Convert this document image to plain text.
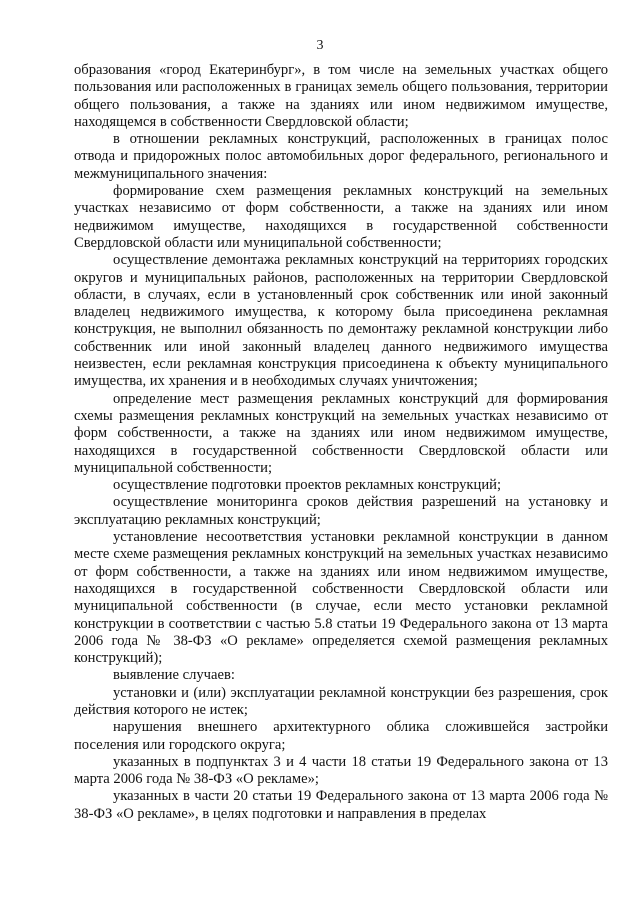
3

образования «город Екатеринбург», в том числе на земельных участках общего пользования или расположенных в границах земель общего пользования, территории общего пользования, а также на зданиях или ином недвижимом имуществе, находящемся в собственности Свердловской области;

в отношении рекламных конструкций, расположенных в границах полос отвода и придорожных полос автомобильных дорог федерального, регионального и межмуниципального значения:

формирование схем размещения рекламных конструкций на земельных участках независимо от форм собственности, а также на зданиях или ином недвижимом имуществе, находящихся в государственной собственности Свердловской области или муниципальной собственности;

осуществление демонтажа рекламных конструкций на территориях городских округов и муниципальных районов, расположенных на территории Свердловской области, в случаях, если в установленный срок собственник или иной законный владелец недвижимого имущества, к которому была присоединена рекламная конструкция, не выполнил обязанность по демонтажу рекламной конструкции либо собственник или иной законный владелец данного недвижимого имущества неизвестен, если рекламная конструкция присоединена к объекту муниципального имущества, их хранения и в необходимых случаях уничтожения;

определение мест размещения рекламных конструкций для формирования схемы размещения рекламных конструкций на земельных участках независимо от форм собственности, а также на зданиях или ином недвижимом имуществе, находящихся в государственной собственности Свердловской области или муниципальной собственности;

осуществление подготовки проектов рекламных конструкций;

осуществление мониторинга сроков действия разрешений на установку и эксплуатацию рекламных конструкций;

установление несоответствия установки рекламной конструкции в данном месте схеме размещения рекламных конструкций на земельных участках независимо от форм собственности, а также на зданиях или ином недвижимом имуществе, находящихся в государственной собственности Свердловской области или муниципальной собственности (в случае, если место установки рекламной конструкции в соответствии с частью 5.8 статьи 19 Федерального закона от 13 марта 2006 года № 38-ФЗ «О рекламе» определяется схемой размещения рекламных конструкций);

выявление случаев:

установки и (или) эксплуатации рекламной конструкции без разрешения, срок действия которого не истек;

нарушения внешнего архитектурного облика сложившейся застройки поселения или городского округа;

указанных в подпунктах 3 и 4 части 18 статьи 19 Федерального закона от 13 марта 2006 года № 38-ФЗ «О рекламе»;

указанных в части 20 статьи 19 Федерального закона от 13 марта 2006 года № 38-ФЗ «О рекламе», в целях подготовки и направления в пределах
